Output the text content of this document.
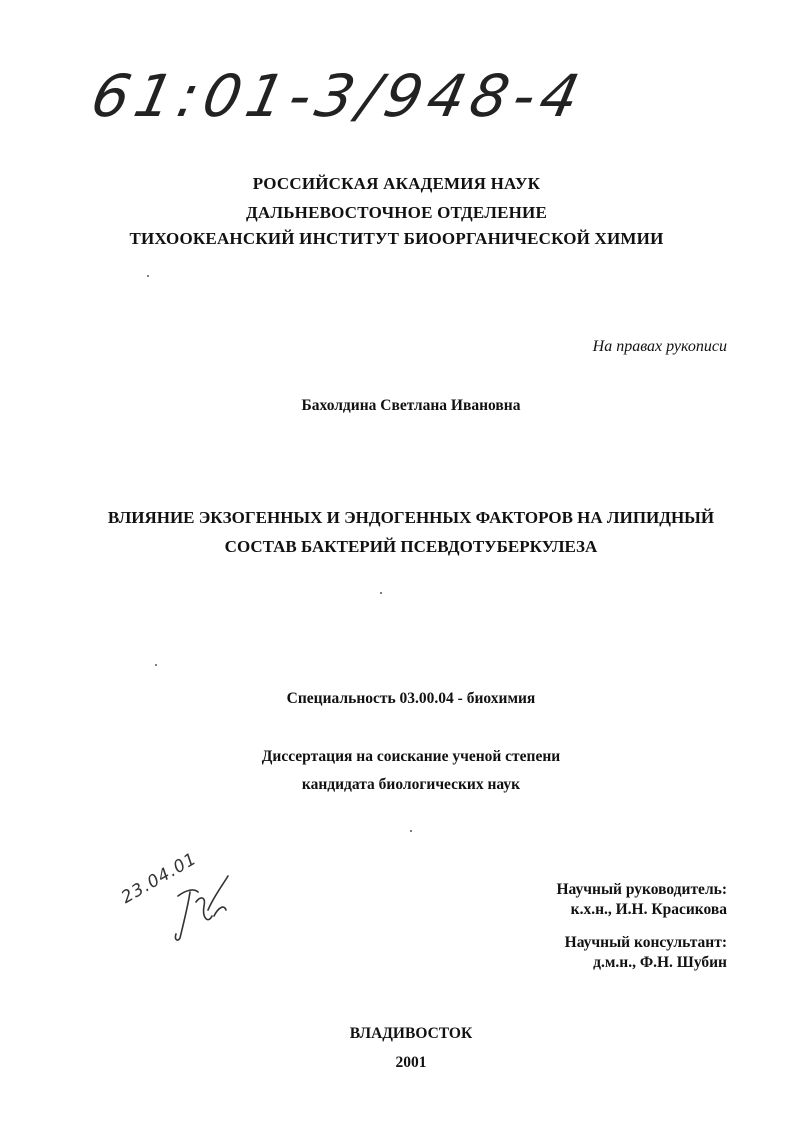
61:01-3/948-4
РОССИЙСКАЯ АКАДЕМИЯ НАУК
ДАЛЬНЕВОСТОЧНОЕ ОТДЕЛЕНИЕ
ТИХООКЕАНСКИЙ ИНСТИТУТ БИООРГАНИЧЕСКОЙ ХИМИИ
На правах рукописи
Бахолдина Светлана Ивановна
ВЛИЯНИЕ ЭКЗОГЕННЫХ И ЭНДОГЕННЫХ ФАКТОРОВ НА ЛИПИДНЫЙ
СОСТАВ БАКТЕРИЙ ПСЕВДОТУБЕРКУЛЕЗА
Специальность 03.00.04 - биохимия
Диссертация на соискание ученой степени
кандидата биологических наук
23.04.01	Научный руководитель:
к.х.н., И.Н. Красикова
Научный консультант:
д.м.н., Ф.Н. Шубин
ВЛАДИВОСТОК
2001
